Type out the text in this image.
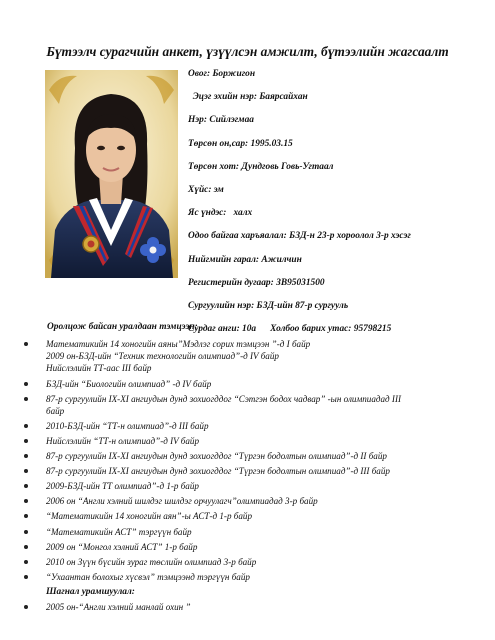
Бүтээлч сурагчийн анкет, үзүүлсэн амжилт, бүтээлийн жагсаалт
Овог: Боржигон
Эцэг эхийн нэр: Баярсайхан
Нэр: Сийлэгмаа
Төрсөн он,сар: 1995.03.15
Төрсөн хот: Дундговь Говь-Угтаал
Хүйс: эм
Яс үндэс: халх
Одоо байгаа харъяалал: БЗД-н 23-р хороолол 3-р хэсэг
Нийгмийн гарал: Ажилчин
Регистерийн дугаар: ЗВ95031500
Сургуулийн нэр: БЗД-ийн 87-р сургууль
Сурдаг анги: 10а Холбоо барих утас: 95798215
Оролцож байсан уралдаан тэмцээн:
Математикийн 14 хоногийн аяны”Мэдлэг сорих тэмцээн ”-д I байр
2009 он-БЗД-ийн “Техник технологийн олимпиад”-д IV байр
Нийслэлийн ТТ-аас III байр
БЗД-ийн “Биологийн олимпиад” -д IV байр
87-р сургуулийн IX-XI ангиудын дунд зохиогддог “Сэтгэн бодох чадвар” -ын олимпиадад III
байр
2010-БЗД-ийн “ТТ-н олимпиад”-д III байр
Нийслэлийн “ТТ-н олимпиад”-д IV байр
87-р сургуулийн IX-XI ангиудын дунд зохиогддог “Түргэн бодолтын олимпиад”-д II байр
87-р сургуулийн IX-XI ангиудын дунд зохиогддог “Түргэн бодолтын олимпиад”-д III байр
2009-БЗД-ийн ТТ олимпиад”-д 1-р байр
2006 он “Англи хэлний шилдэг шилдэг орчуулагч”олимпиадад 3-р байр
“Математикийн 14 хоногийн аян”-ы АСТ-д 1-р байр
“Математикийн АСТ” тэргүүн байр
2009 он “Монгол хэлний АСТ” 1-р байр
2010 он Зүүн бүсийн зураг төслийн олимпиад 3-р байр
“Ухаантан болохыг хүсвэл” тэмцээнд тэргүүн байр
Шагнал урамшуулал:
2005 он-“Англи хэлний манлай охин ”
